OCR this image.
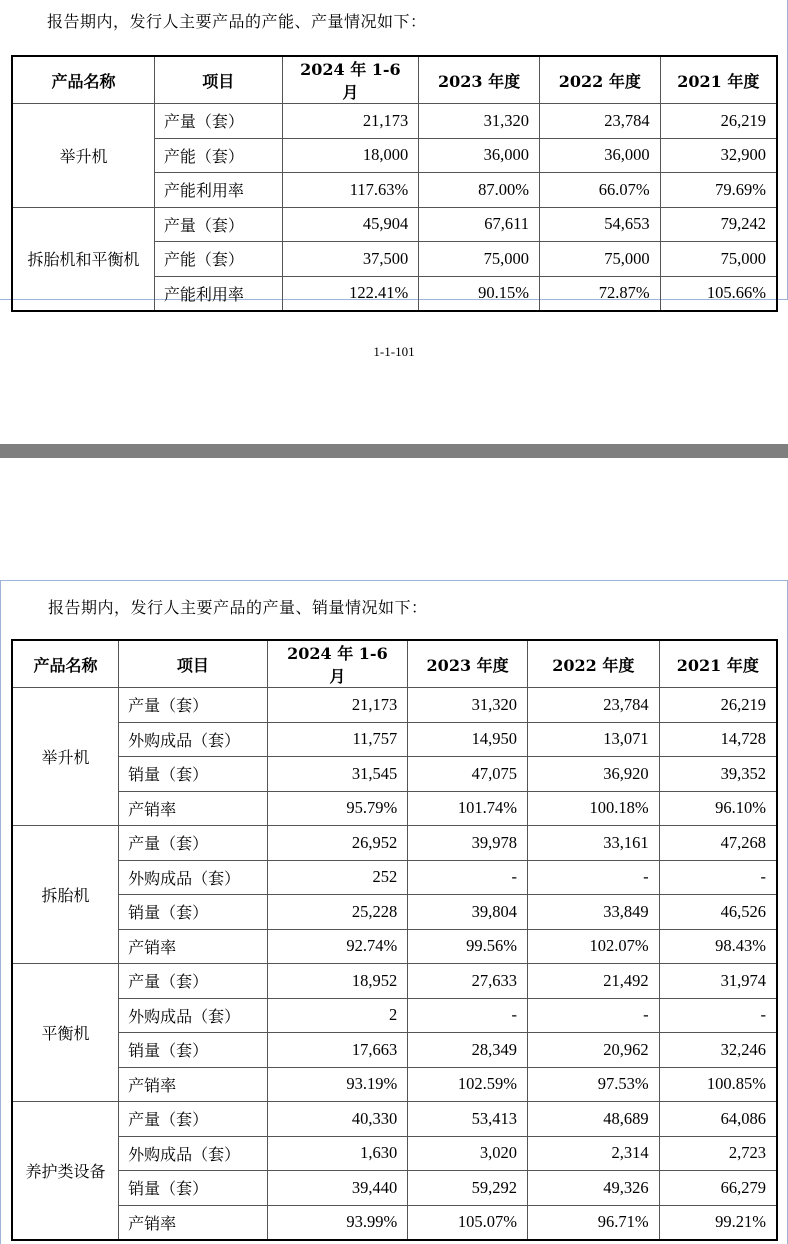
报告期内，发行人主要产品的产能、产量情况如下：
产品名称	项目	2024 年 1-6 月	2023 年度	2022 年度	2021 年度
举升机	产量（套）	21,173	31,320	23,784	26,219
	产能（套）	18,000	36,000	36,000	32,900
	产能利用率	117.63%	87.00%	66.07%	79.69%
拆胎机和平衡机	产量（套）	45,904	67,611	54,653	79,242
	产能（套）	37,500	75,000	75,000	75,000
	产能利用率	122.41%	90.15%	72.87%	105.66%
1-1-101
报告期内，发行人主要产品的产量、销量情况如下：
产品名称	项目	2024 年 1-6 月	2023 年度	2022 年度	2021 年度
举升机	产量（套）	21,173	31,320	23,784	26,219
	外购成品（套）	11,757	14,950	13,071	14,728
	销量（套）	31,545	47,075	36,920	39,352
	产销率	95.79%	101.74%	100.18%	96.10%
拆胎机	产量（套）	26,952	39,978	33,161	47,268
	外购成品（套）	252	-	-	-
	销量（套）	25,228	39,804	33,849	46,526
	产销率	92.74%	99.56%	102.07%	98.43%
平衡机	产量（套）	18,952	27,633	21,492	31,974
	外购成品（套）	2	-	-	-
	销量（套）	17,663	28,349	20,962	32,246
	产销率	93.19%	102.59%	97.53%	100.85%
养护类设备	产量（套）	40,330	53,413	48,689	64,086
	外购成品（套）	1,630	3,020	2,314	2,723
	销量（套）	39,440	59,292	49,326	66,279
	产销率	93.99%	105.07%	96.71%	99.21%
